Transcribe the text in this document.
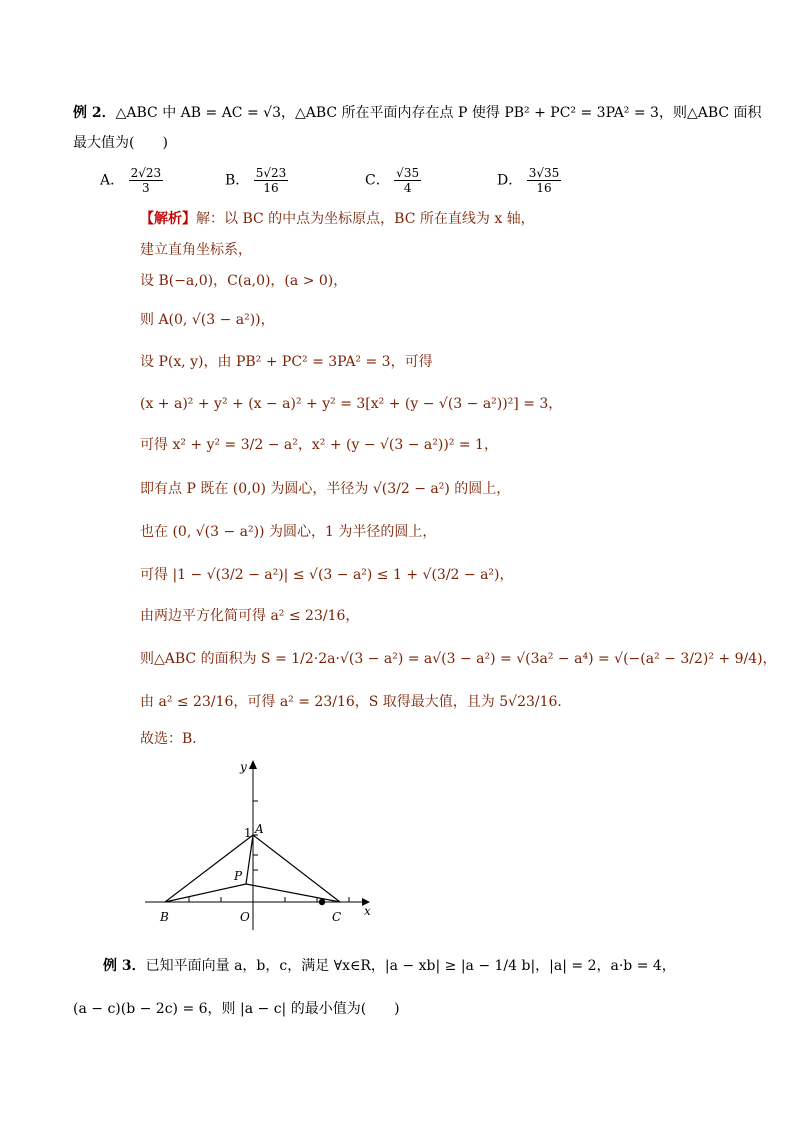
例 2．△ABC 中 AB = AC = √3，△ABC 所在平面内存在点 P 使得 PB² + PC² = 3PA² = 3，则△ABC 面积
最大值为(　　)
A． $\frac{2√23}{3}$	B． $\frac{5√23}{16}$	C． $\frac{√35}{4}$	D． $\frac{3√35}{16}$
【解析】解：以 BC 的中点为坐标原点，BC 所在直线为 x 轴，
建立直角坐标系，
设 B(−a,0)，C(a,0)，(a > 0)，
则 A(0, √(3 − a²))，
设 P(x, y)，由 PB² + PC² = 3PA² = 3，可得
(x + a)² + y² + (x − a)² + y² = 3[x² + (y − √(3 − a²))²] = 3，
可得 x² + y² = 3/2 − a²，x² + (y − √(3 − a²))² = 1，
即有点 P 既在 (0,0) 为圆心，半径为 √(3/2 − a²) 的圆上，
也在 (0, √(3 − a²)) 为圆心，1 为半径的圆上，
可得 |1 − √(3/2 − a²)| ≤ √(3 − a²) ≤ 1 + √(3/2 − a²)，
由两边平方化简可得 a² ≤ 23/16，
则△ABC 的面积为 S = 1/2·2a·√(3 − a²) = a√(3 − a²) = √(3a² − a⁴) = √(−(a² − 3/2)² + 9/4)，
由 a² ≤ 23/16，可得 a² = 23/16，S 取得最大值，且为 5√23/16．
故选：B．
y
x
1 A
B	C
O
P
例 3．已知平面向量 a，b，c，满足 ∀x∈R，|a − xb| ≥ |a − 1/4 b|，|a| = 2，a·b = 4，
(a − c)(b − 2c) = 6，则 |a − c| 的最小值为(　　)
